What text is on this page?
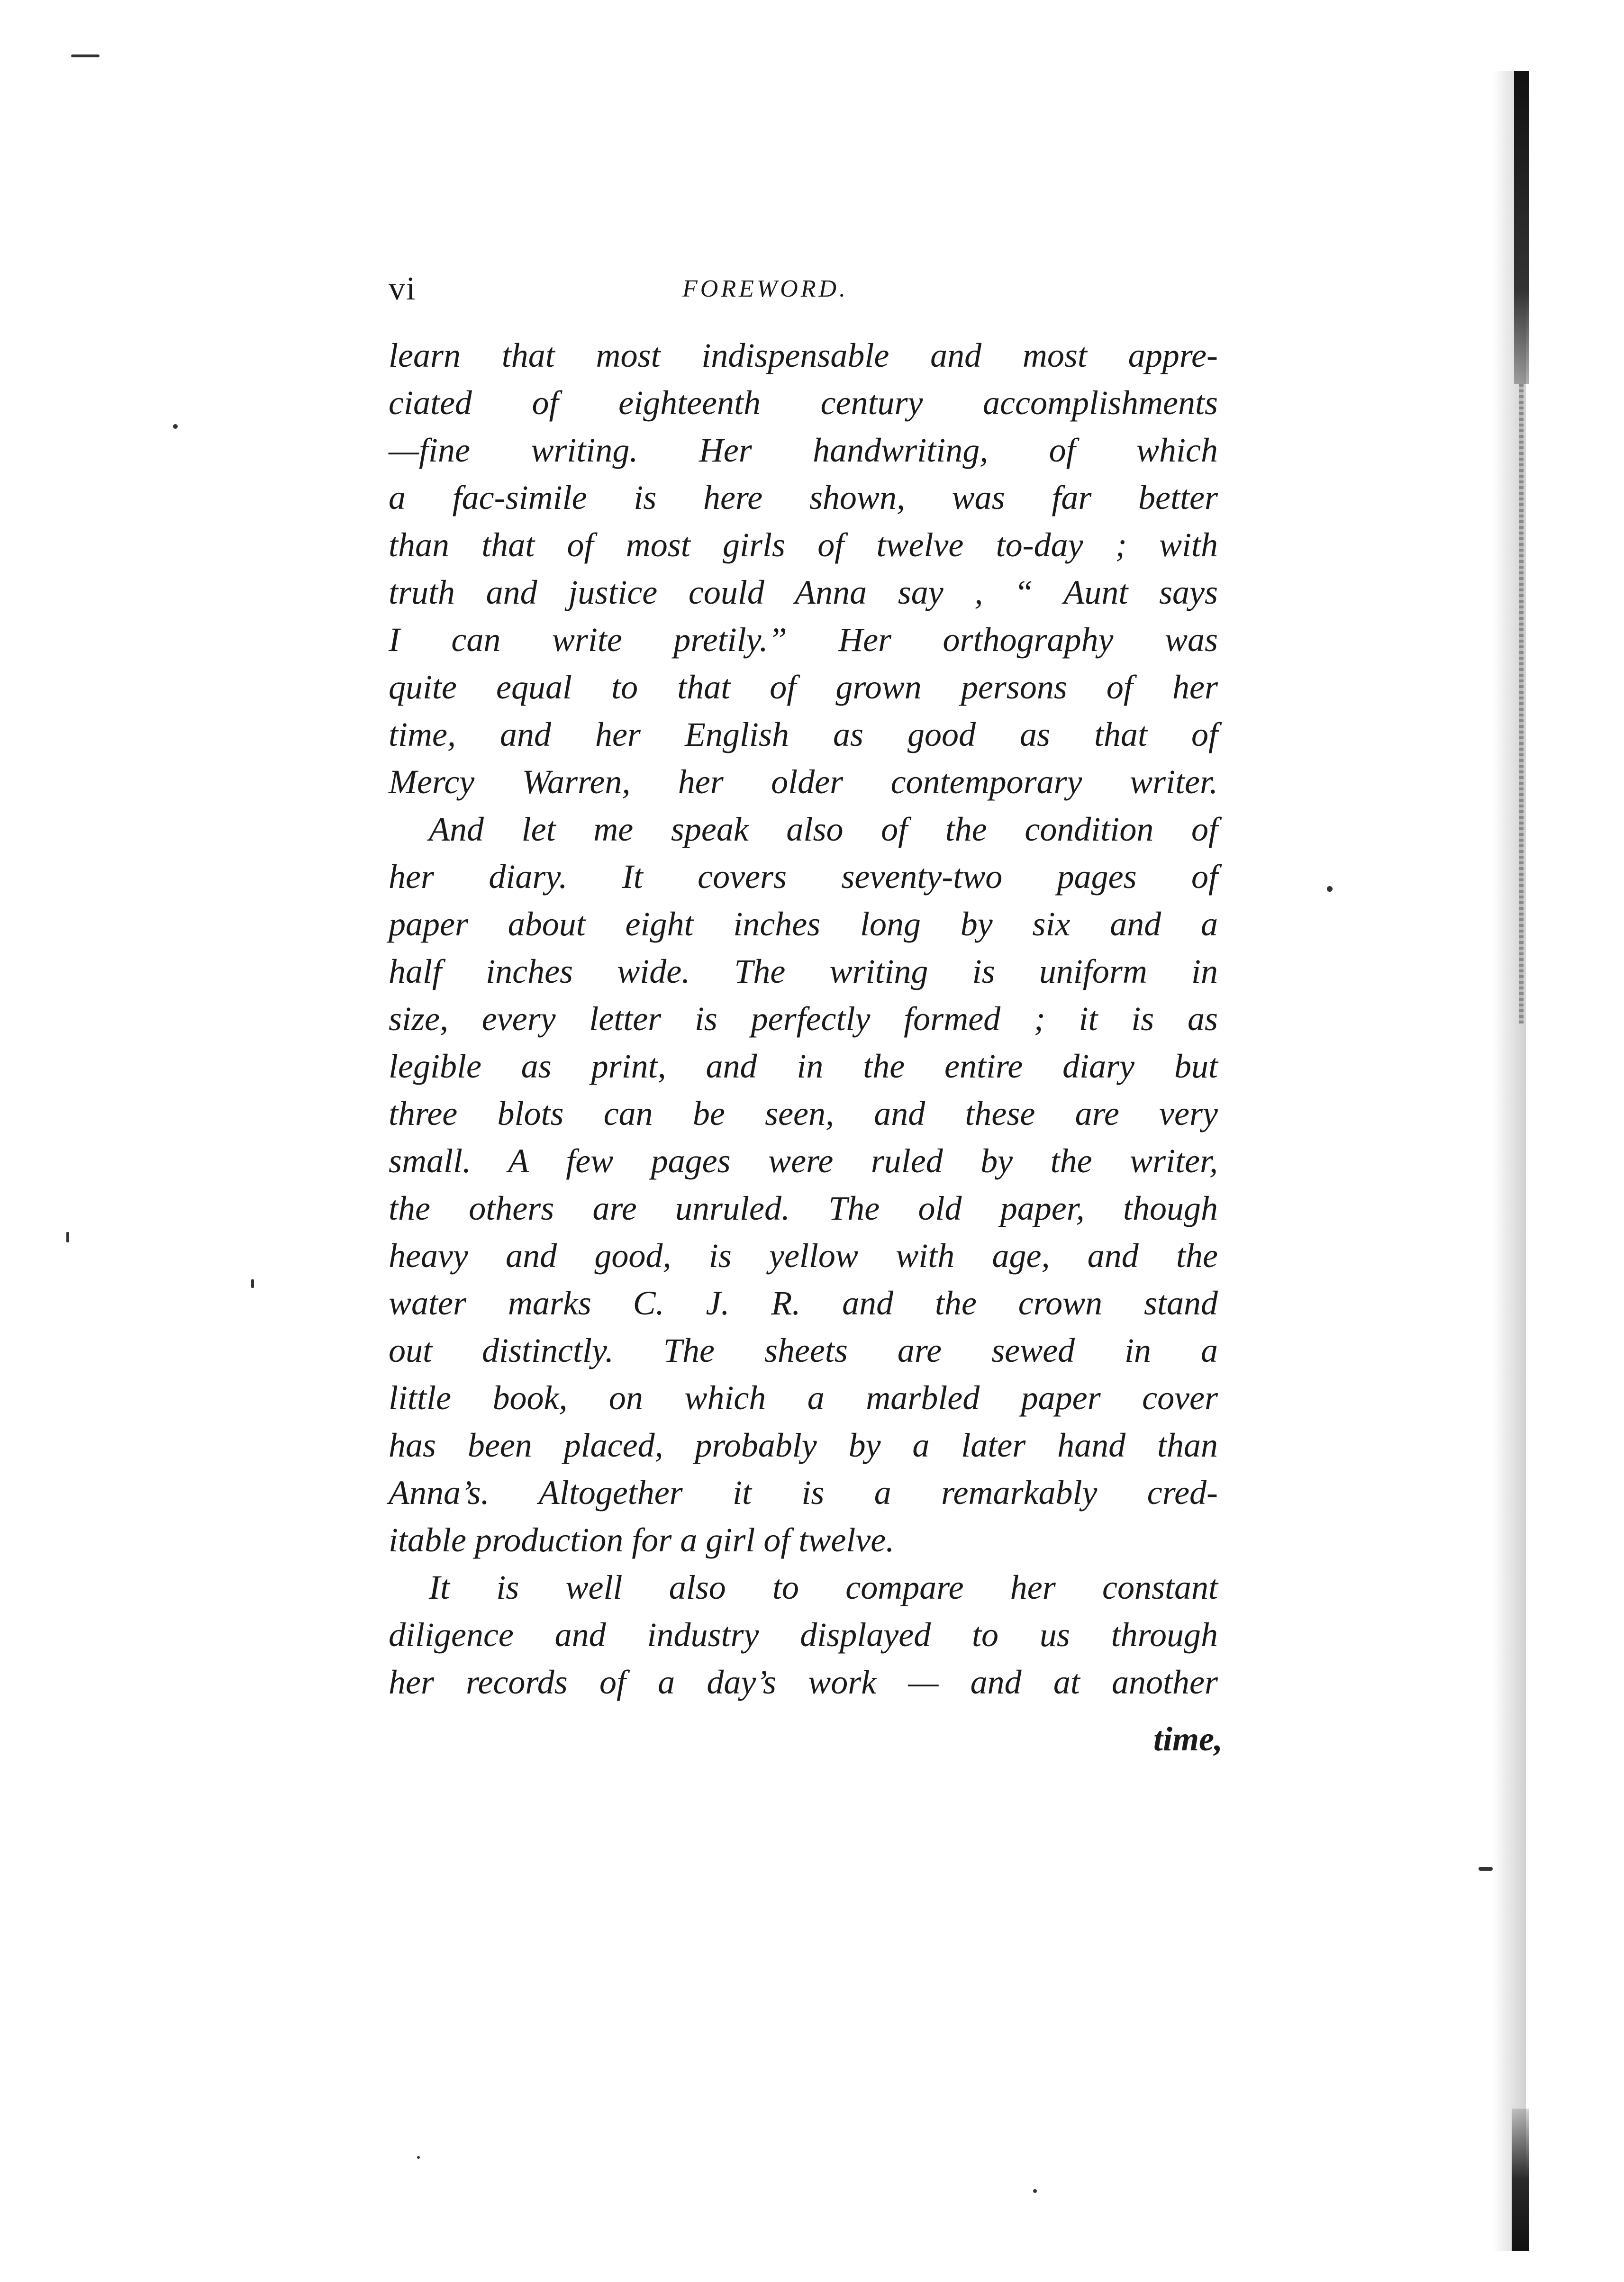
vi	FOREWORD.
learn that most indispensable and most appre-
ciated of eighteenth century accomplishments
—fine writing. Her handwriting, of which
a fac-simile is here shown, was far better
than that of most girls of twelve to-day ; with
truth and justice could Anna say , “ Aunt says
I can write pretily.” Her orthography was
quite equal to that of grown persons of her
time, and her English as good as that of
Mercy Warren, her older contemporary writer.
And let me speak also of the condition of
her diary. It covers seventy-two pages of
paper about eight inches long by six and a
half inches wide. The writing is uniform in
size, every letter is perfectly formed ; it is as
legible as print, and in the entire diary but
three blots can be seen, and these are very
small. A few pages were ruled by the writer,
the others are unruled. The old paper, though
heavy and good, is yellow with age, and the
water marks C. J. R. and the crown stand
out distinctly. The sheets are sewed in a
little book, on which a marbled paper cover
has been placed, probably by a later hand than
Anna’s. Altogether it is a remarkably cred-
itable production for a girl of twelve.
It is well also to compare her constant
diligence and industry displayed to us through
her records of a day’s work — and at another
time,
